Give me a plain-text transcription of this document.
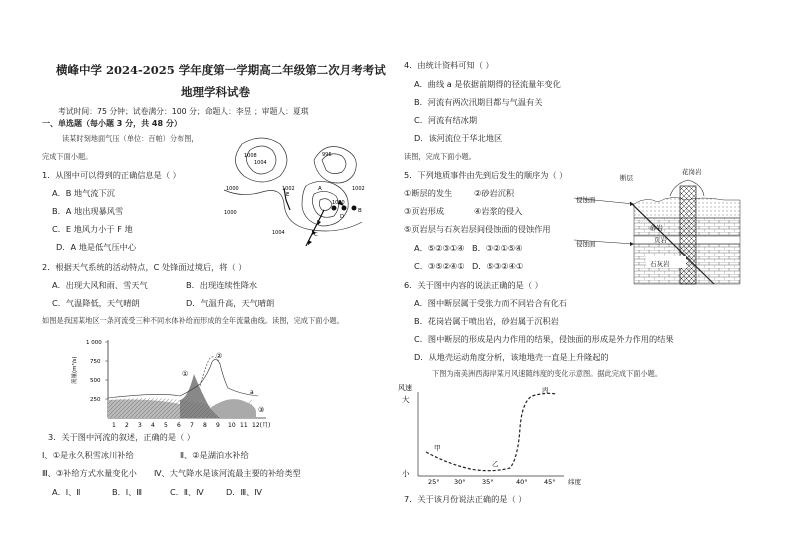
横峰中学 2024-2025 学年度第一学期高二年级第二次月考考试
地理学科试卷
考试时间：75 分钟；试卷满分：100 分；命题人：李昱 ；审题人：夏琪
一、单选题（每小题 3 分，共 48 分）
读某时刻地面气压（单位：百帕）分布图，
完成下面小题。	1008
1004
1000
996
1004
1002
1000
1000
1002
E
A
B
C
D
1．从图中可以得到的正确信息是（ ）
A．B 地气流下沉
B．A 地出现暴风雪
C．E 地风力小于 F 地
D．A 地是低气压中心
2．根据天气系统的活动特点，C 处锋面过境后，将（ ）
A．出现大风和雨、雪天气	B．出现连续性降水
C．气温降低，天气晴朗	D．气温升高，天气晴朗
如图是我国某地区一条河流受三种不同水体补给而形成的全年流量曲线。读图，完成下面小题。
流量(m³/s)
1 000
750
500
250
1 2 3 4 5 6 7 8 9 10 11 12(月)
①
②
③
a
3．关于图中河流的叙述，正确的是（ ）
Ⅰ、①是永久积雪冰川补给	Ⅱ、②是湖泊水补给
Ⅲ、③补给方式水量变化小 Ⅳ、大气降水是该河流最主要的补给类型
A．Ⅰ、Ⅱ	B．Ⅰ、Ⅲ	C．Ⅱ、Ⅳ	D．Ⅲ、Ⅳ
4．由统计资料可知（ ）
A．曲线 a 是依据前期得的径流量年变化
B．河流有两次汛期目都与气温有关
C．河流有结冰期
D．该河流位于华北地区
读图，完成下面小题。
5．下列地质事件由先到后发生的顺序为（ ）
①断层的发生	②砂岩沉积
③页岩形成	④岩浆的侵入
⑤页岩层与石灰岩层间侵蚀面的侵蚀作用
A．⑤②③①④ B．③②①⑤④
C．③⑤②④① D．⑤③②④①
断层
花岗岩
侵蚀面
砂岩
侵蚀面	页岩
石灰岩
6．关于图中内容的说法正确的是（ ）
A．图中断层属于受张力而不同岩合有化石
B．花岗岩属于喷出岩，砂岩属于沉积岩
C．图中断层的形成是内力作用的结果，侵蚀面的形成是外力作用的结果
D．从地壳运动角度分析，该地地壳一直是上升隆起的
下图为南美洲西海岸某月风速随纬度的变化示意图。据此完成下面小题。
风速
大
小
25° 30°	35°	40°	45° 纬度
甲
乙
丙
7．关于该月份说法正确的是（ ）
